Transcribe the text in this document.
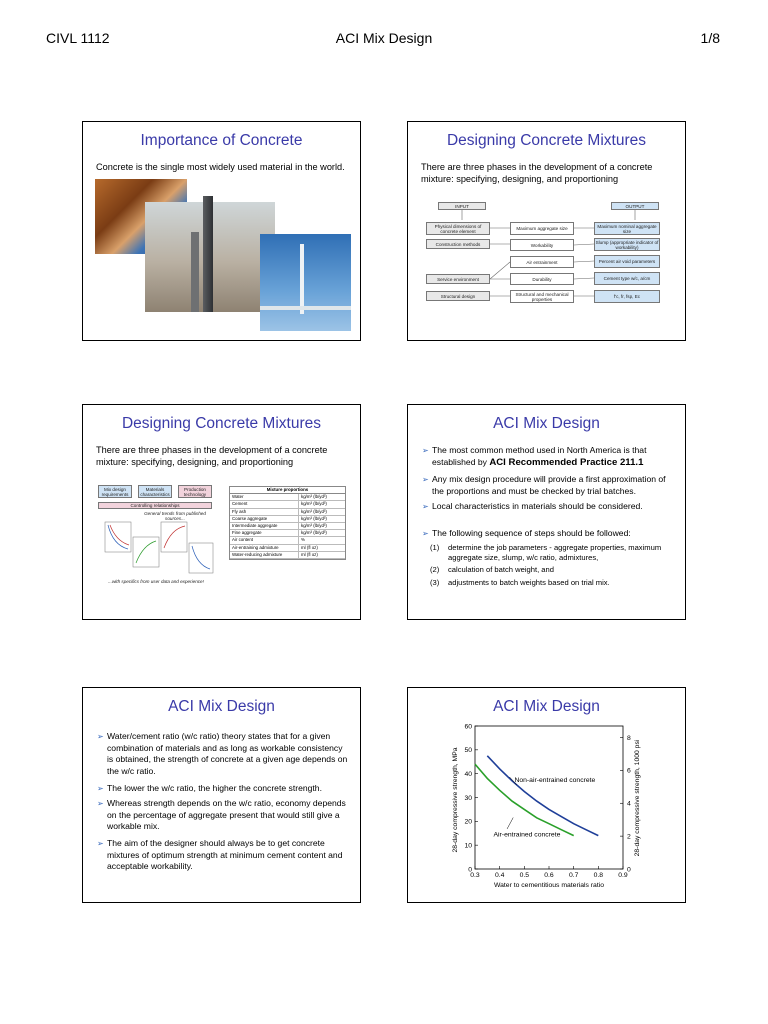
CIVL 1112	ACI Mix Design	1/8
Importance of Concrete
Concrete is the single most widely used material in the world.
Designing Concrete Mixtures
There are three phases in the development of a concrete mixture: specifying, designing, and proportioning
INPUT	OUTPUT
Physical dimensions of concrete element
Construction methods
Service environment
Structural design
Maximum aggregate size
Workability
Air entrainment
Durability
Structural and mechanical properties
Maximum nominal aggregate size
Slump (appropriate indicator of workability)
Percent air void parameters
Cement type w/c, a/cm
f'c, fr, fsp, Ec
Designing Concrete Mixtures
There are three phases in the development of a concrete mixture: specifying, designing, and proportioning
Mix design requirements
Materials characteristics
Production technology
Controlling relationships
General trends from published sources...
...with specifics from user data and experience!
Mixture proportions
Water	kg/m³ (lb/yd³)
Cement	kg/m³ (lb/yd³)
Fly ash	kg/m³ (lb/yd³)
Coarse aggregate	kg/m³ (lb/yd³)
Intermediate aggregate	kg/m³ (lb/yd³)
Fine aggregate	kg/m³ (lb/yd³)
Air content	%
Air-entraining admixture	ml (fl oz)
Water-reducing admixture	ml (fl oz)
ACI Mix Design
➢ The most common method used in North America is that established by ACI Recommended Practice 211.1
➢ Any mix design procedure will provide a first approximation of the proportions and must be checked by trial batches.
➢ Local characteristics in materials should be considered.
➢ The following sequence of steps should be followed:
(1)	determine the job parameters - aggregate properties, maximum aggregate size, slump, w/c ratio, admixtures,
(2)	calculation of batch weight, and
(3)	adjustments to batch weights based on trial mix.
ACI Mix Design
➢ Water/cement ratio (w/c ratio) theory states that for a given combination of materials and as long as workable consistency is obtained, the strength of concrete at a given age depends on the w/c ratio.
➢ The lower the w/c ratio, the higher the concrete strength.
➢ Whereas strength depends on the w/c ratio, economy depends on the percentage of aggregate present that would still give a workable mix.
➢ The aim of the designer should always be to get concrete mixtures of optimum strength at minimum cement content and acceptable workability.
ACI Mix Design
28-day compressive strength, MPa	28-day compressive strength, 1000 psi
Water to cementitious materials ratio
0.3 0.4 0.5 0.6 0.7 0.8 0.9
0
10
20
30
40
50
60
0
2
4
6
8
Non-air-entrained concrete
Air-entrained concrete
